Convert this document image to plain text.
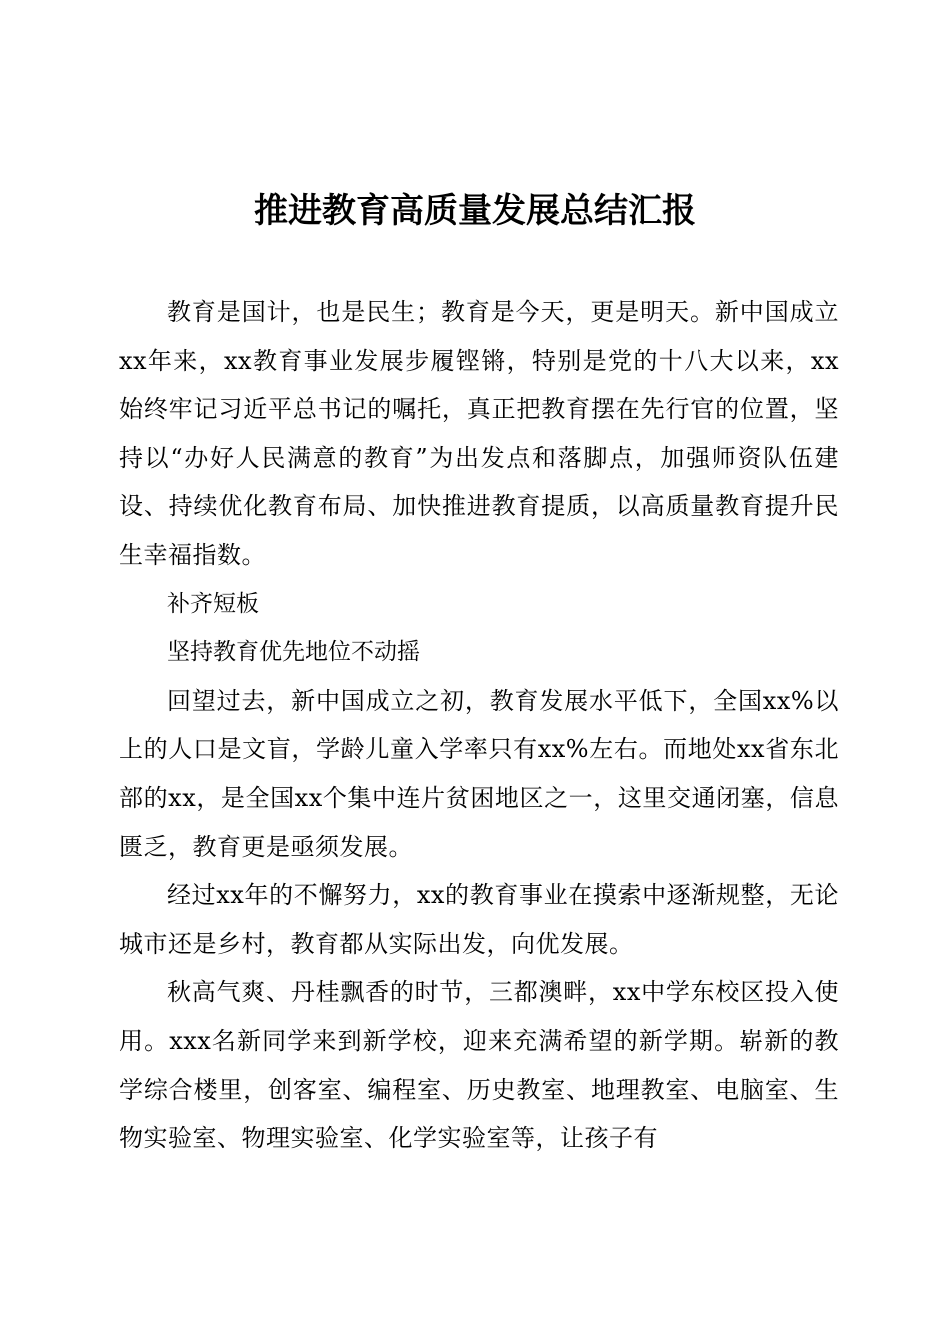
推进教育高质量发展总结汇报

教育是国计，也是民生；教育是今天，更是明天。新中国成立xx年来，xx教育事业发展步履铿锵，特别是党的十八大以来，xx始终牢记习近平总书记的嘱托，真正把教育摆在先行官的位置，坚持以“办好人民满意的教育”为出发点和落脚点，加强师资队伍建设、持续优化教育布局、加快推进教育提质，以高质量教育提升民生幸福指数。

补齐短板

坚持教育优先地位不动摇

回望过去，新中国成立之初，教育发展水平低下，全国xx%以上的人口是文盲，学龄儿童入学率只有xx%左右。而地处xx省东北部的xx，是全国xx个集中连片贫困地区之一，这里交通闭塞，信息匮乏，教育更是亟须发展。

经过xx年的不懈努力，xx的教育事业在摸索中逐渐规整，无论城市还是乡村，教育都从实际出发，向优发展。

秋高气爽、丹桂飘香的时节，三都澳畔，xx中学东校区投入使用。xxx名新同学来到新学校，迎来充满希望的新学期。崭新的教学综合楼里，创客室、编程室、历史教室、地理教室、电脑室、生物实验室、物理实验室、化学实验室等，让孩子有
